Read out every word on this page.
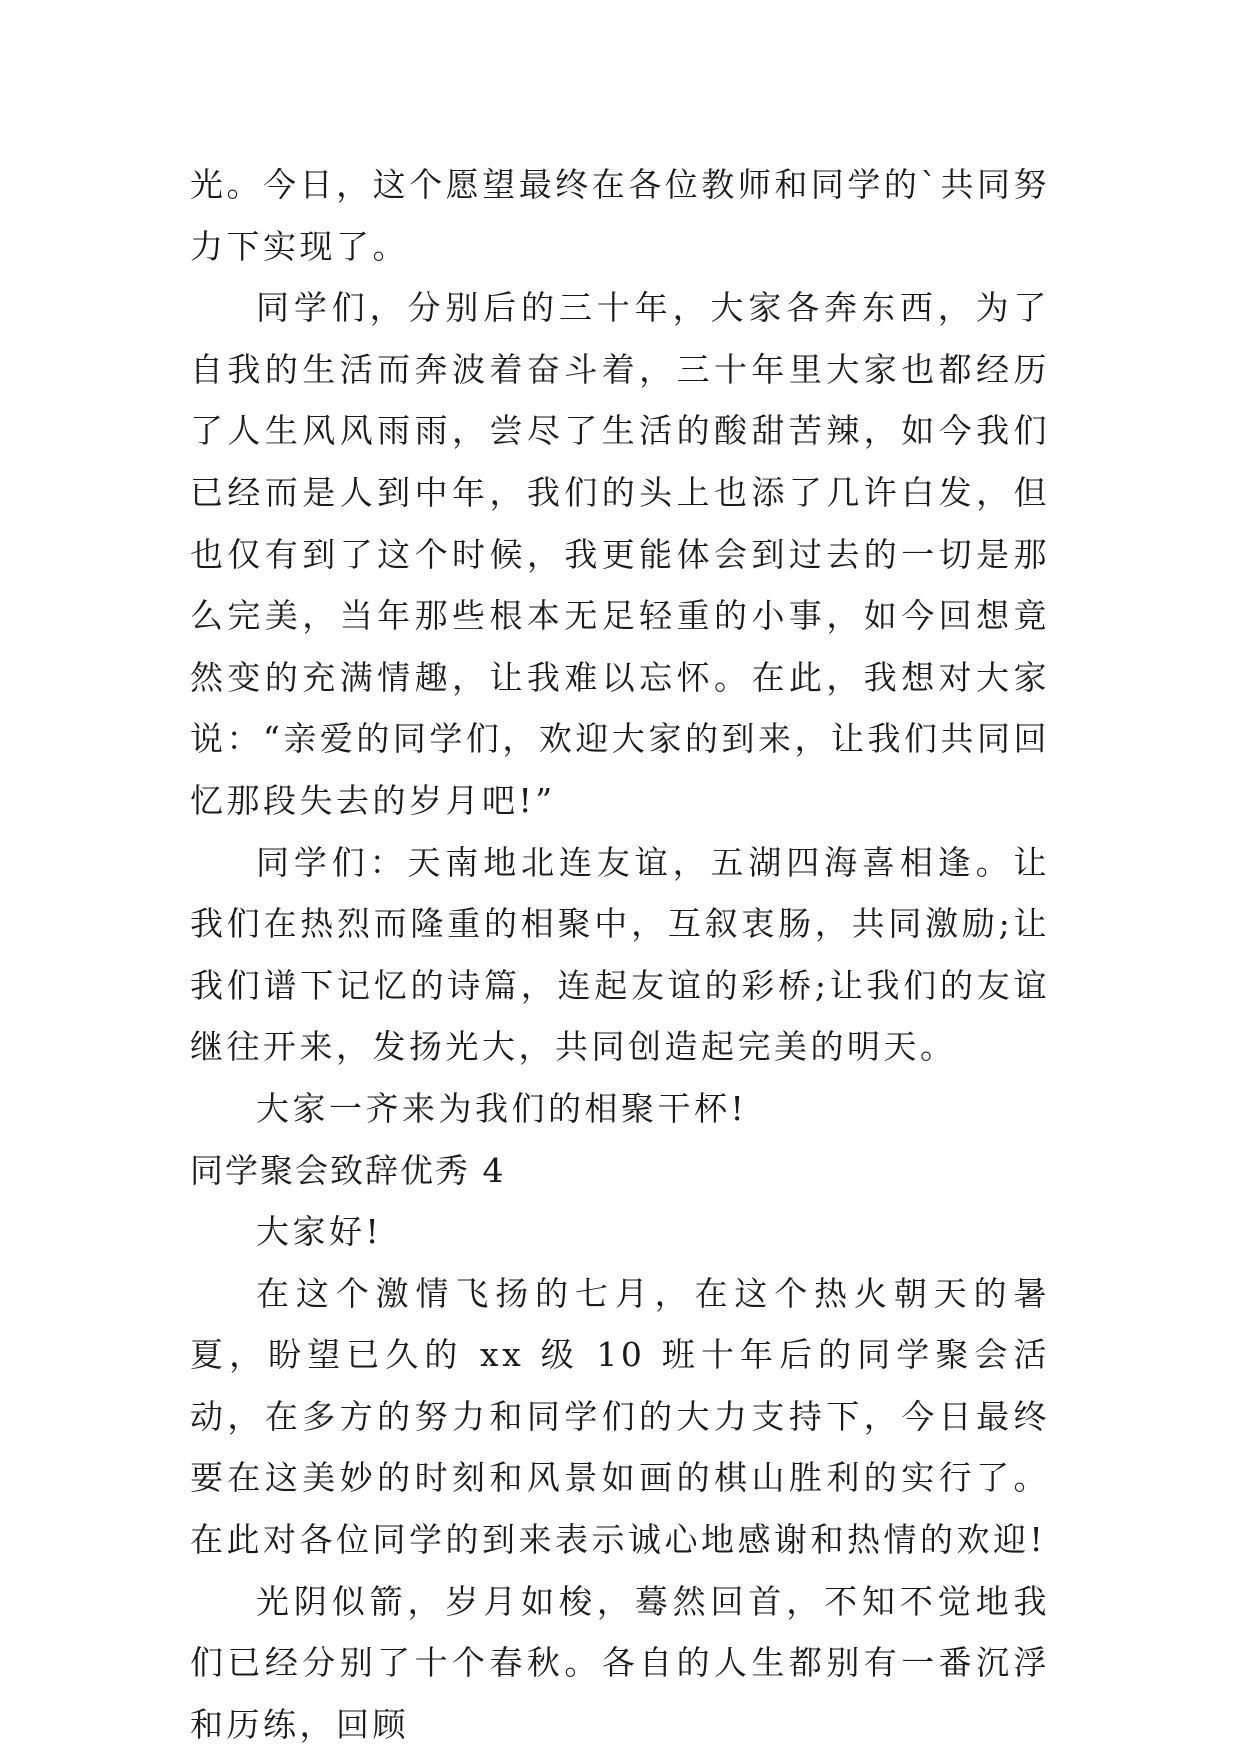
光。今日，这个愿望最终在各位教师和同学的`共同努力下实现了。

同学们，分别后的三十年，大家各奔东西，为了自我的生活而奔波着奋斗着，三十年里大家也都经历了人生风风雨雨，尝尽了生活的酸甜苦辣，如今我们已经而是人到中年，我们的头上也添了几许白发，但也仅有到了这个时候，我更能体会到过去的一切是那么完美，当年那些根本无足轻重的小事，如今回想竟然变的充满情趣，让我难以忘怀。在此，我想对大家说：“亲爱的同学们，欢迎大家的到来，让我们共同回忆那段失去的岁月吧!”

同学们：天南地北连友谊，五湖四海喜相逢。让我们在热烈而隆重的相聚中，互叙衷肠，共同激励;让我们谱下记忆的诗篇，连起友谊的彩桥;让我们的友谊继往开来，发扬光大，共同创造起完美的明天。

大家一齐来为我们的相聚干杯!

同学聚会致辞优秀 4

大家好!

在这个激情飞扬的七月，在这个热火朝天的暑夏，盼望已久的 xx 级 10 班十年后的同学聚会活动，在多方的努力和同学们的大力支持下，今日最终要在这美妙的时刻和风景如画的棋山胜利的实行了。在此对各位同学的到来表示诚心地感谢和热情的欢迎!

光阴似箭，岁月如梭，蓦然回首，不知不觉地我们已经分别了十个春秋。各自的人生都别有一番沉浮和历练，回顾
